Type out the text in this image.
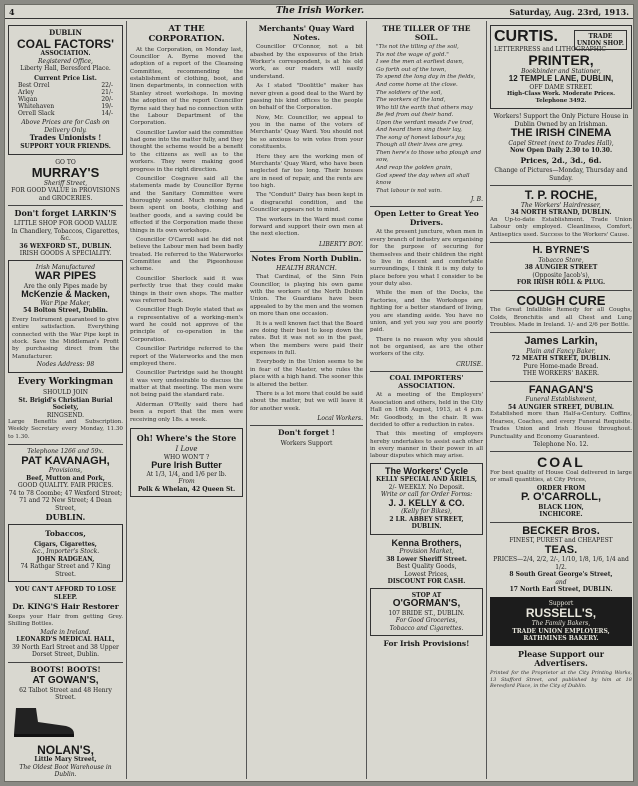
4	The Irish Worker.	Saturday, Aug. 23rd, 1913.
DUBLIN
COAL FACTORS'
ASSOCIATION.
Registered Office,
Liberty Hall, Beresford Place.
Current Price List.
Best Orrel	22/-
Arley	21/-
Wigan	20/-
Whitehaven	19/-
Orrell Slack	14/-
Above Prices are for Cash on Delivery Only.
Trades Unionists !
SUPPORT YOUR FRIENDS.
GO TO
MURRAY'S
Sheriff Street,
FOR GOOD VALUE in PROVISIONS and GROCERIES.
Don't forget LARKIN'S
LITTLE SHOP FOR GOOD VALUE
In Chandlery, Tobaccos, Cigarettes, &c.
36 WEXFORD ST., DUBLIN.
IRISH GOODS A SPECIALITY.
Irish Manufactured
WAR PIPES
Are the only Pipes made by
McKenzie & Macken,
War Pipe Maker,
54 Bolton Street, Dublin.
Every Instrument guaranteed to give entire satisfaction. Everything connected with the War Pipe kept in stock. Save the Middleman's Profit by purchasing direct from the Manufacturer.
Nodes Address: 98
Every Workingman
SHOULD JOIN
St. Brigid's Christian Burial Society,
RINGSEND.
Large Benefits and Subscription. Weekly Secretary every Monday, 11.30 to 1.30.
Telephone 1266 and 59x.
PAT KAVANAGH,
Provisions,
Beef, Mutton and Pork,
GOOD QUALITY. FAIR PRICES.
74 to 78 Coombe; 47 Wexford Street;
71 and 72 New Street; 4 Dean Street,
DUBLIN.
Tobaccos,
Cigars, Cigarettes,
&c., Importer's Stock.
JOHN RADGEAN,
74 Rathgar Street and 7 King Street.
YOU CAN'T AFFORD TO LOSE SLEEP.
Dr. KING'S Hair Restorer
Keeps your Hair from getting Grey. Shilling Bottles.
Made in Ireland.
LEONARD'S MEDICAL HALL,
39 North Earl Street and 38 Upper Dorset Street, Dublin.
BOOTS! BOOTS!
AT GOWAN'S,
62 Talbot Street and 48 Henry Street.
NOLAN'S,
Little Mary Street,
The Oldest Boot Warehouse in Dublin.
AT THE CORPORATION.

At the Corporation, on Monday last, Councillor A. Byrne moved the adoption of a report of the Cleansing Committee, recommending the establishment of clothing, boot, and linen departments, in connection with Stanley street workshops. In moving the adoption of the report Councillor Byrne said they had no connection with the Labour Department of the Corporation.

Councillor Lawlor said the committee had gone into the matter fully, and they thought the scheme would be a benefit to the citizens as well as to the workers. They were making good progress in the right direction.

Councillor Cosgrave said all the statements made by Councillor Byrne and the Sanitary Committee were thoroughly sound. Much money had been spent on boots, clothing and leather goods, and a saving could be effected if the Corporation made these things in its own workshops.

Councillor O'Carroll said he did not believe the Labour men had been badly treated. He referred to the Waterworks Committee and the Pigeonhouse scheme.

Councillor Sherlock said it was perfectly true that they could make things in their own shops. The matter was referred back.

Councillor Hugh Doyle stated that as a representative of a working-men's ward he could not approve of the principle of co-operation in the Corporation.

Councillor Partridge referred to the report of the Waterworks and the men employed there.

Councillor Partridge said he thought it was very undesirable to discuss the matter at that meeting. The men were not being paid the standard rate.

Alderman O'Reilly said there had been a report that the men were receiving only 18s. a week.

Oh! Where's the Store
I Love
WHO WON'T ?
Pure Irish Butter
At 1/3, 1/4, and 1/6 per lb.
From
Polk & Whelan, 42 Queen St.
Merchants' Quay Ward Notes.

Councillor O'Connor, not a bit abashed by the exposures of the Irish Worker's correspondent, is at his old work, as our readers will easily understand.

As I stated "Doolittle" maker has never given a good deal to the Ward by passing his kind offices to the people on behalf of the Corporation.

Now, Mr. Councillor, we appeal to you in the name of the voters of Merchants' Quay Ward. You should not be so anxious to win votes from your constituents.

Here they are the working men of Merchants' Quay Ward, who have been neglected far too long. Their houses are in need of repair, and the rents are too high.

The "Conduit" Dairy has been kept in a disgraceful condition, and the Councillor appears not to mind.

The workers in the Ward must come forward and support their own men at the next election.

LIBERTY BOY.
Notes From North Dublin.
HEALTH BRANCH.

That Cardinal, of the Sinn Fein Councillor, is playing his own game with the workers of the North Dublin Union. The Guardians have been appealed to by the men and the women on more than one occasion.

It is a well known fact that the Board are doing their best to keep down the rates. But it was not so in the past, when the members were paid their expenses in full.

Everybody in the Union seems to be in fear of the Master, who rules the place with a high hand. The sooner this is altered the better.

There is a lot more that could be said about the matter, but we will leave it for another week.

Local Workers.
Don't forget !
Workers Support
THE TILLER OF THE SOIL.
"Tis not the tilling of the soil,
Tis not the wage of gold."
I see the men at earliest dawn,
Go forth out of the town,
To spend the long day in the fields,
And come home at the close.
The soldiers of the soil,
The workers of the land,
Who till the earth that others may
Be fed from out their hand.
Upon the verdant meads I've trod,
And heard them sing their lay,
The song of honest labour's joy,
Though all their lives are grey.
Then here's to those who plough and sow,
And reap the golden grain,
God speed the day when all shall know
That labour is not vain.
J. B.
Open Letter to Great Yeo Drivers.

At the present juncture, when men in every branch of industry are organising for the purpose of securing for themselves and their children the right to live in decent and comfortable surroundings, I think it is my duty to place before you what I consider to be your duty also.

While the men of the Docks, the Factories, and the Workshops are fighting for a better standard of living, you are standing aside. You have no union, and yet you say you are poorly paid.

There is no reason why you should not be organised, as are the other workers of the city.

CRUISE.
COAL IMPORTERS' ASSOCIATION.

At a meeting of the Employers' Association and others, held in the City Hall on 16th August, 1913, at 4 p.m. Mr. Goodbody, in the chair. It was decided to offer a reduction in rates.

That this meeting of employers hereby undertakes to assist each other in every manner in their power in all labour disputes which may arise.

The Workers' Cycle
KELLY SPECIAL AND ARIELS,
2/- WEEKLY. No Deposit.
Write or call for Order Forms:
J. J. KELLY & CO.
(Kelly for Bikes),
2 LR. ABBEY STREET, DUBLIN.
Kenna Brothers,
Provision Market,
38 Lower Sheriff Street.
Best Quality Goods,
Lowest Prices,
DISCOUNT FOR CASH.
STOP AT
O'GORMAN'S,
107 BRIDE ST., DUBLIN.
For Good Groceries,
Tobacco and Cigarettes.
For Irish Provisions!
CURTIS.	TRADE
UNION SHOP.
LETTERPRESS and LITHOGRAPHIC
PRINTER,
Bookbinder and Stationer,
12 TEMPLE LANE, DUBLIN,
OFF DAME STREET.
High-Class Work. Moderate Prices. Telephone 3492.
Workers! Support the Only Picture House in Dublin Owned by an Irishman.
THE IRISH CINEMA
Capel Street (next to Trades Hall),
Now Open Daily 2.30 to 10.30.
Prices, 2d., 3d., 6d.
Change of Pictures—Monday, Thursday and Sunday.
T. P. ROCHE,
The Workers' Hairdresser,
34 NORTH STRAND, DUBLIN.
An Up-to-date Establishment. Trade Union Labour only employed. Cleanliness, Comfort, Antiseptics used. Success to the Workers' Cause.
H. BYRNE'S
Tobacco Store,
38 AUNGIER STREET
(Opposite Jacob's),
FOR IRISH ROLL & PLUG.
COUGH CURE
The Great Infallible Remedy for all Coughs, Colds, Bronchitis and all Chest and Lung Troubles. Made in Ireland. 1/- and 2/6 per Bottle.
James Larkin,
Plain and Fancy Baker,
72 MEATH STREET, DUBLIN.
Pure Home-made Bread.
THE WORKERS' BAKER.
FANAGAN'S
Funeral Establishment,
54 AUNGIER STREET, DUBLIN.
Established more than Half-a-Century. Coffins, Hearses, Coaches, and every Funeral Requisite. Trades Union and Irish House throughout. Punctuality and Economy Guaranteed.
Telephone No. 12.
COAL
For best quality of House Coal delivered in large or small quantities, at City Prices,
ORDER FROM
P. O'CARROLL,
BLACK LION,
INCHICORE.
BECKER Bros.
FINEST, PUREST and CHEAPEST
TEAS.
PRICES—2/4, 2/2, 2/-, 1/10, 1/8, 1/6, 1/4 and 1/2.
8 South Great George's Street,
and
17 North Earl Street, DUBLIN.
Support
RUSSELL'S,
The Family Bakers,
TRADE UNION EMPLOYERS,
RATHMINES BAKERY.
Please Support our Advertisers.
Printed for the Proprietor at the City Printing Works, 13 Stafford Street, and published by him at 18 Beresford Place, in the City of Dublin.
